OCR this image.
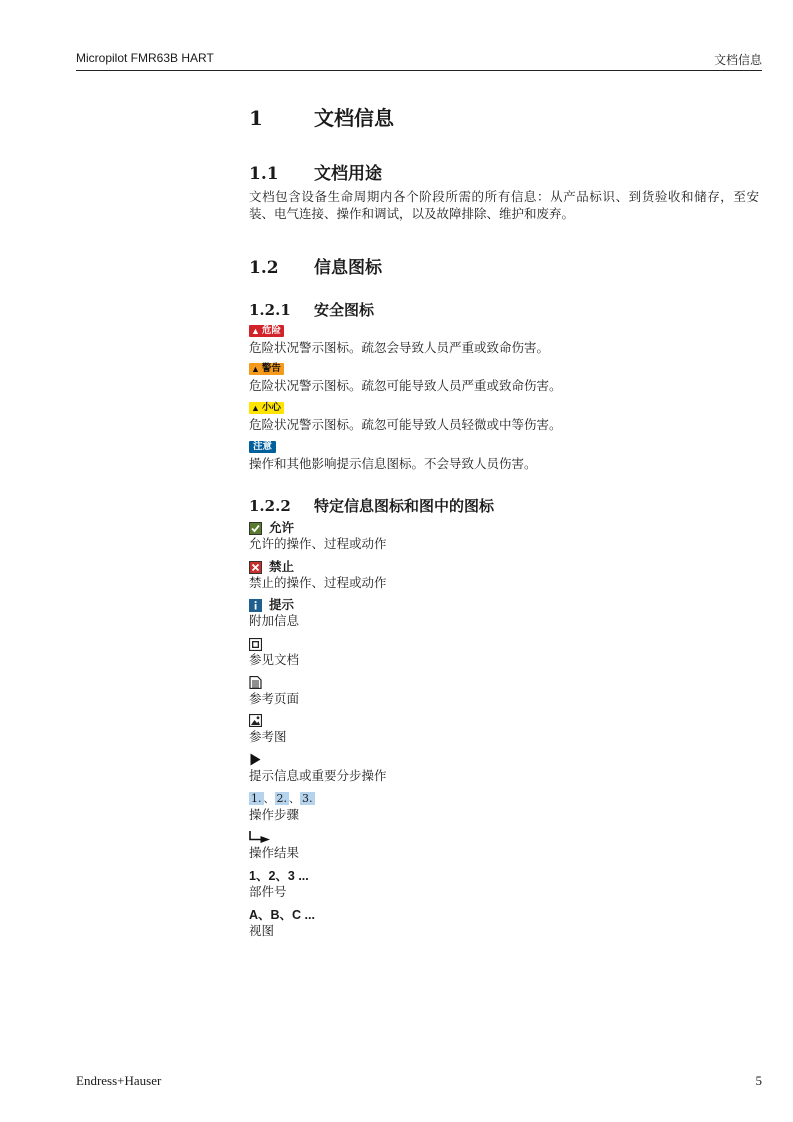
Micropilot FMR63B HART	文档信息
1	文档信息
1.1 文档用途
文档包含设备生命周期内各个阶段所需的所有信息：从产品标识、到货验收和储存，至安装、电气连接、操作和调试，以及故障排除、维护和废弃。
1.2 信息图标
1.2.1 安全图标
▲ 危险
危险状况警示图标。疏忽会导致人员严重或致命伤害。
▲ 警告
危险状况警示图标。疏忽可能导致人员严重或致命伤害。
▲ 小心
危险状况警示图标。疏忽可能导致人员轻微或中等伤害。
注意
操作和其他影响提示信息图标。不会导致人员伤害。
1.2.2 特定信息图标和图中的图标
允许
允许的操作、过程或动作
禁止
禁止的操作、过程或动作
提示
附加信息
参见文档
参考页面
参考图
提示信息或重要分步操作
1. 、 2. 、 3.
操作步骤
操作结果
1、2、3 ...
部件号
A、B、C ...
视图
Endress+Hauser	5
